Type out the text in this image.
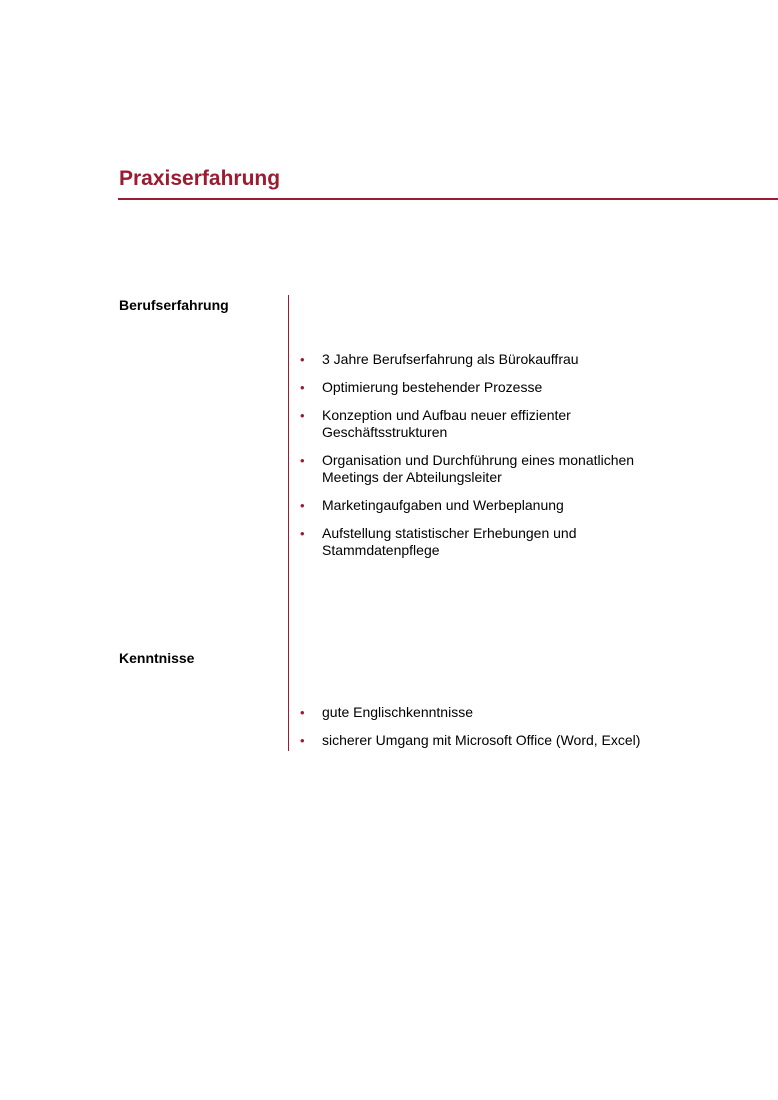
Praxiserfahrung

Berufserfahrung

• 3 Jahre Berufserfahrung als Bürokauffrau
• Optimierung bestehender Prozesse
• Konzeption und Aufbau neuer effizienter Geschäftsstrukturen
• Organisation und Durchführung eines monatlichen Meetings der Abteilungsleiter
• Marketingaufgaben und Werbeplanung
• Aufstellung statistischer Erhebungen und Stammdatenpflege

Kenntnisse

• gute Englischkenntnisse
• sicherer Umgang mit Microsoft Office (Word, Excel)
